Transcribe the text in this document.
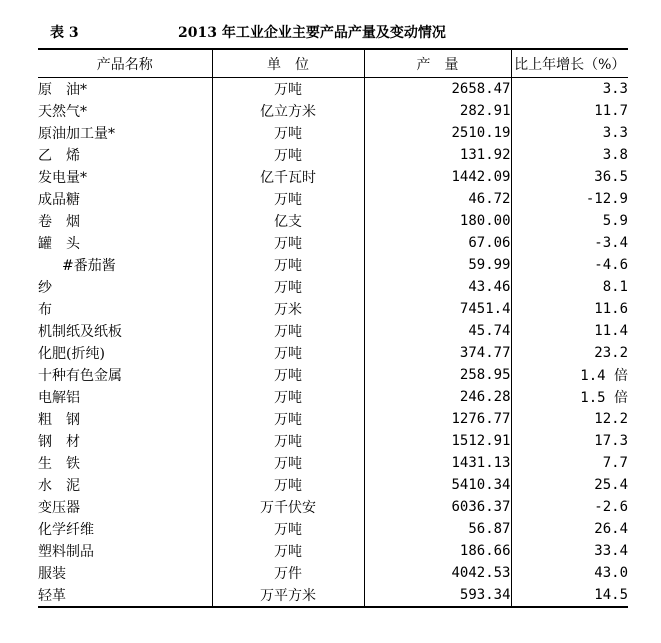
表 3	2013 年工业企业主要产品产量及变动情况
产品名称	单　位	产　量	比上年增长（%）
原　油*	万吨	2658.47	3.3
天然气*	亿立方米	282.91	11.7
原油加工量*	万吨	2510.19	3.3
乙　烯	万吨	131.92	3.8
发电量*	亿千瓦时	1442.09	36.5
成品糖	万吨	46.72	-12.9
卷　烟	亿支	180.00	5.9
罐　头	万吨	67.06	-3.4
#番茄酱	万吨	59.99	-4.6
纱	万吨	43.46	8.1
布	万米	7451.4	11.6
机制纸及纸板	万吨	45.74	11.4
化肥(折纯)	万吨	374.77	23.2
十种有色金属	万吨	258.95	1.4 倍
电解铝	万吨	246.28	1.5 倍
粗　钢	万吨	1276.77	12.2
钢　材	万吨	1512.91	17.3
生　铁	万吨	1431.13	7.7
水　泥	万吨	5410.34	25.4
变压器	万千伏安	6036.37	-2.6
化学纤维	万吨	56.87	26.4
塑料制品	万吨	186.66	33.4
服装	万件	4042.53	43.0
轻革	万平方米	593.34	14.5
